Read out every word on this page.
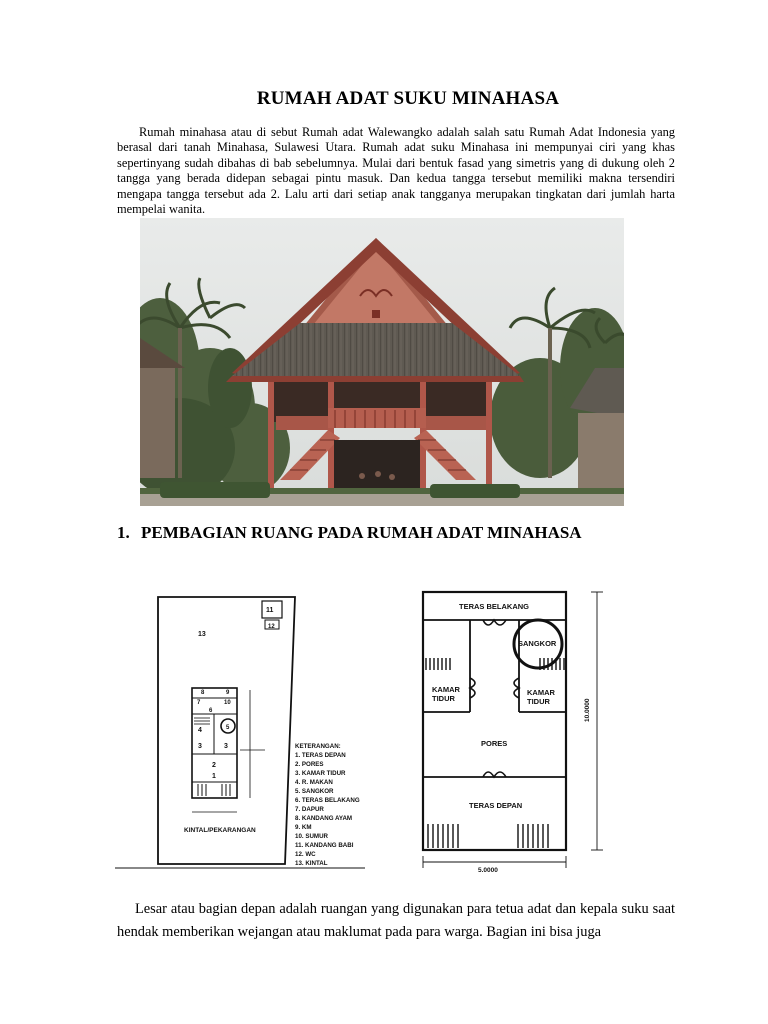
RUMAH ADAT SUKU MINAHASA

Rumah minahasa atau di sebut Rumah adat Walewangko adalah salah satu Rumah Adat Indonesia yang berasal dari tanah Minahasa, Sulawesi Utara. Rumah adat suku Minahasa ini mempunyai ciri yang khas sepertinyang sudah dibahas di bab sebelumnya. Mulai dari bentuk fasad yang simetris yang di dukung oleh 2 tangga yang berada didepan sebagai pintu masuk. Dan kedua tangga tersebut memiliki makna tersendiri mengapa tangga tersebut ada 2. Lalu arti dari setiap anak tangganya merupakan tingkatan dari jumlah harta mempelai wanita.

1. PEMBAGIAN RUANG PADA RUMAH ADAT MINAHASA
11
12
13
8	9
10
6
7
4	5
3	3
2
1
KINTAL/PEKARANGAN
KETERANGAN:
1. TERAS DEPAN
2. PORES
3. KAMAR TIDUR
4. R. MAKAN
5. SANGKOR
6. TERAS BELAKANG
7. DAPUR
8. KANDANG AYAM
9. KM
10. SUMUR
11. KANDANG BABI
12. WC
13. KINTAL
TERAS BELAKANG
SANGKOR
KAMAR
TIDUR
KAMAR
TIDUR
PORES
TERAS DEPAN
5.0000
10.0000

Lesar atau bagian depan adalah ruangan yang digunakan para tetua adat dan kepala suku saat hendak memberikan wejangan atau maklumat pada para warga. Bagian ini bisa juga
